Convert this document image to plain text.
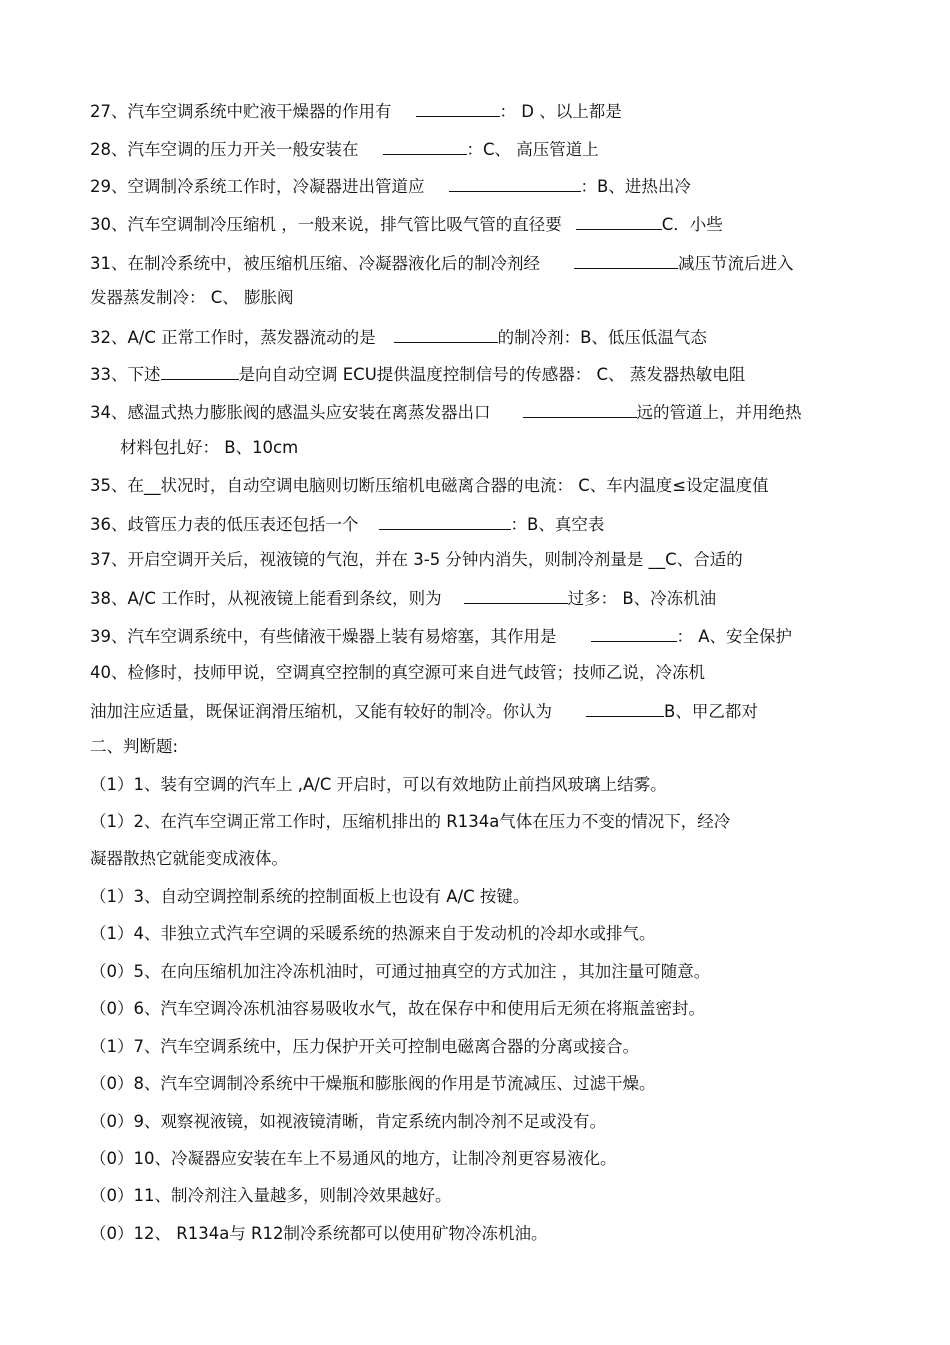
27、汽车空调系统中贮液干燥器的作用有	： D 、以上都是
28、汽车空调的压力开关一般安装在	：C、 高压管道上
29、空调制冷系统工作时，冷凝器进出管道应	：B、进热出冷
30、汽车空调制冷压缩机 ，一般来说，排气管比吸气管的直径要	C．小些
31、在制冷系统中，被压缩机压缩、冷凝器液化后的制冷剂经	减压节流后进入
发器蒸发制冷： C、 膨胀阀
32、A/C 正常工作时，蒸发器流动的是	的制冷剂：B、低压低温气态
33、下述	是向自动空调 ECU提供温度控制信号的传感器： C、 蒸发器热敏电阻
34、感温式热力膨胀阀的感温头应安装在离蒸发器出口	远的管道上，并用绝热
材料包扎好： B、10cm
35、在__状况时，自动空调电脑则切断压缩机电磁离合器的电流： C、车内温度≤设定温度值
36、歧管压力表的低压表还包括一个	：B、真空表
37、开启空调开关后，视液镜的气泡，并在 3-5 分钟内消失，则制冷剂量是 __C、合适的
38、A/C 工作时，从视液镜上能看到条纹，则为	过多： B、冷冻机油
39、汽车空调系统中，有些储液干燥器上装有易熔塞，其作用是	： A、安全保护
40、检修时，技师甲说，空调真空控制的真空源可来自进气歧管；技师乙说，冷冻机
油加注应适量，既保证润滑压缩机，又能有较好的制冷。你认为	B、甲乙都对
二、判断题:
（1）1、装有空调的汽车上 ,A/C 开启时，可以有效地防止前挡风玻璃上结雾。
（1）2、在汽车空调正常工作时，压缩机排出的 R134a气体在压力不变的情况下，经冷
凝器散热它就能变成液体。
（1）3、自动空调控制系统的控制面板上也设有 A/C 按键。
（1）4、非独立式汽车空调的采暖系统的热源来自于发动机的冷却水或排气。
（0）5、在向压缩机加注冷冻机油时，可通过抽真空的方式加注 ，其加注量可随意。
（0）6、汽车空调冷冻机油容易吸收水气，故在保存中和使用后无须在将瓶盖密封。
（1）7、汽车空调系统中，压力保护开关可控制电磁离合器的分离或接合。
（0）8、汽车空调制冷系统中干燥瓶和膨胀阀的作用是节流减压、过滤干燥。
（0）9、观察视液镜，如视液镜清晰，肯定系统内制冷剂不足或没有。
（0）10、冷凝器应安装在车上不易通风的地方，让制冷剂更容易液化。
（0）11、制冷剂注入量越多，则制冷效果越好。
（0）12、 R134a与 R12制冷系统都可以使用矿物冷冻机油。
